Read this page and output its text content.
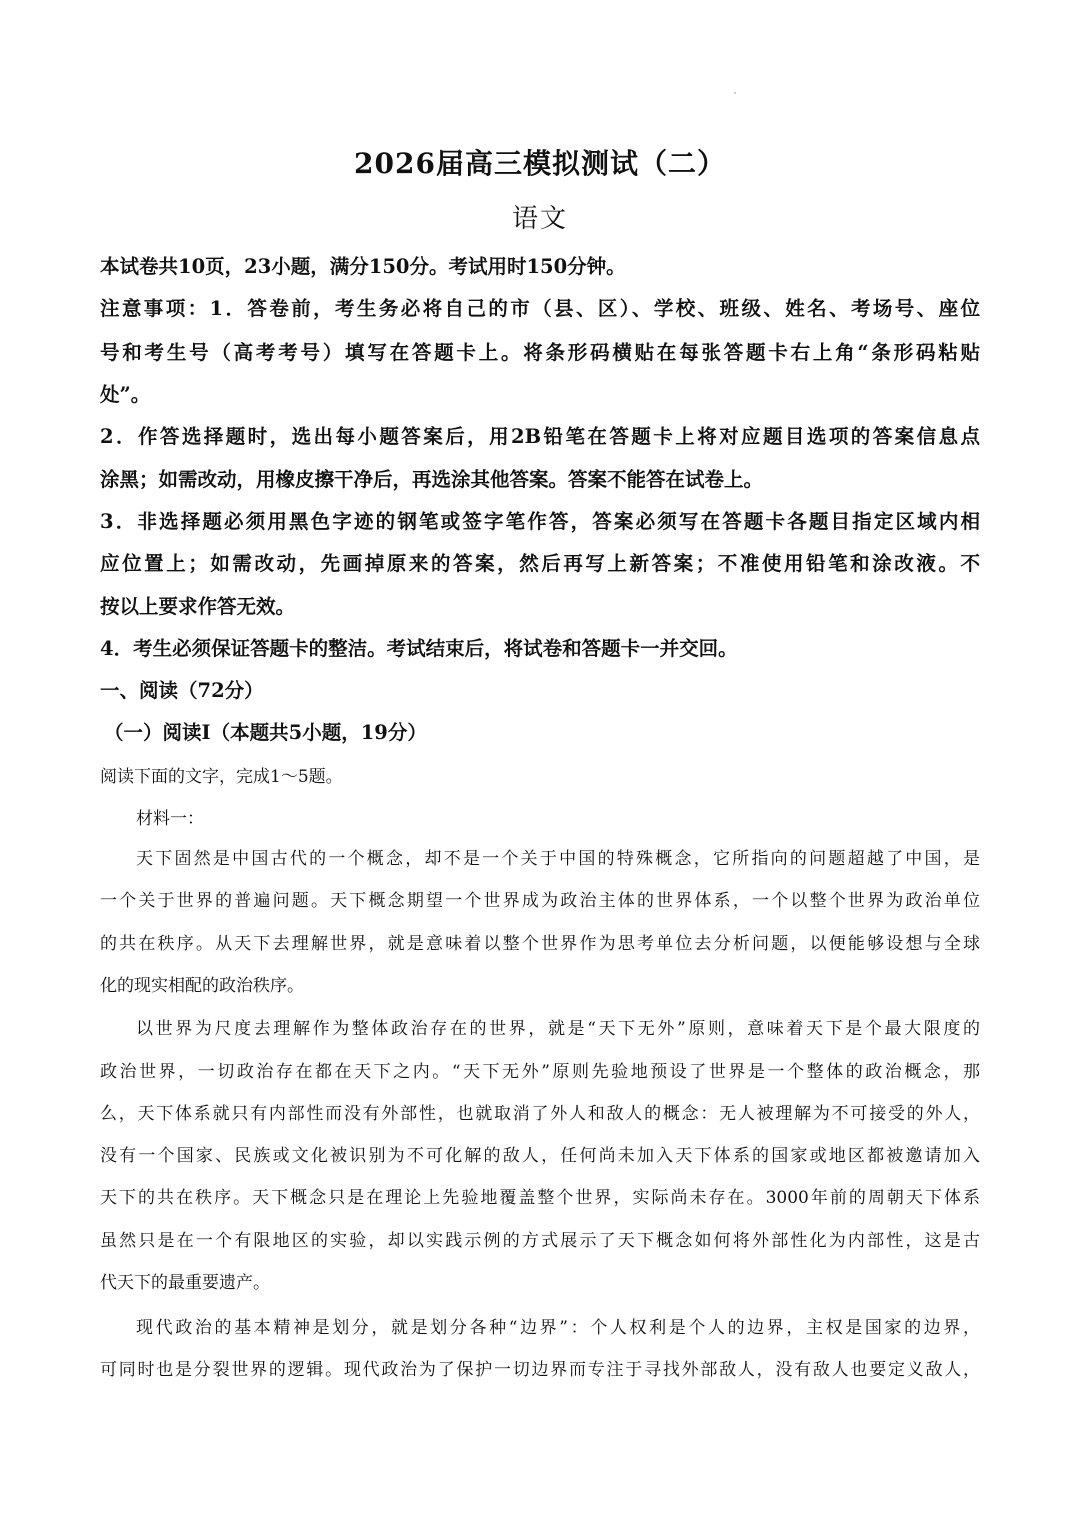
2026届高三模拟测试（二）
语文
本试卷共10页，23小题，满分150分。考试用时150分钟。
注意事项：1．答卷前，考生务必将自己的市（县、区）、学校、班级、姓名、考场号、座位
号和考生号（高考考号）填写在答题卡上。将条形码横贴在每张答题卡右上角“条形码粘贴
处”。
2．作答选择题时，选出每小题答案后，用2B铅笔在答题卡上将对应题目选项的答案信息点
涂黑；如需改动，用橡皮擦干净后，再选涂其他答案。答案不能答在试卷上。
3．非选择题必须用黑色字迹的钢笔或签字笔作答，答案必须写在答题卡各题目指定区域内相
应位置上；如需改动，先画掉原来的答案，然后再写上新答案；不准使用铅笔和涂改液。不
按以上要求作答无效。
4．考生必须保证答题卡的整洁。考试结束后，将试卷和答题卡一并交回。
一、阅读（72分）
（一）阅读I（本题共5小题，19分）
阅读下面的文字，完成1～5题。
材料一：
天下固然是中国古代的一个概念，却不是一个关于中国的特殊概念，它所指向的问题超越了中国，是
一个关于世界的普遍问题。天下概念期望一个世界成为政治主体的世界体系，一个以整个世界为政治单位
的共在秩序。从天下去理解世界，就是意味着以整个世界作为思考单位去分析问题，以便能够设想与全球
化的现实相配的政治秩序。
以世界为尺度去理解作为整体政治存在的世界，就是“天下无外”原则，意味着天下是个最大限度的
政治世界，一切政治存在都在天下之内。“天下无外”原则先验地预设了世界是一个整体的政治概念，那
么，天下体系就只有内部性而没有外部性，也就取消了外人和敌人的概念：无人被理解为不可接受的外人，
没有一个国家、民族或文化被识别为不可化解的敌人，任何尚未加入天下体系的国家或地区都被邀请加入
天下的共在秩序。天下概念只是在理论上先验地覆盖整个世界，实际尚未存在。3000年前的周朝天下体系
虽然只是在一个有限地区的实验，却以实践示例的方式展示了天下概念如何将外部性化为内部性，这是古
代天下的最重要遗产。
现代政治的基本精神是划分，就是划分各种“边界”：个人权利是个人的边界，主权是国家的边界，
可同时也是分裂世界的逻辑。现代政治为了保护一切边界而专注于寻找外部敌人，没有敌人也要定义敌人，
